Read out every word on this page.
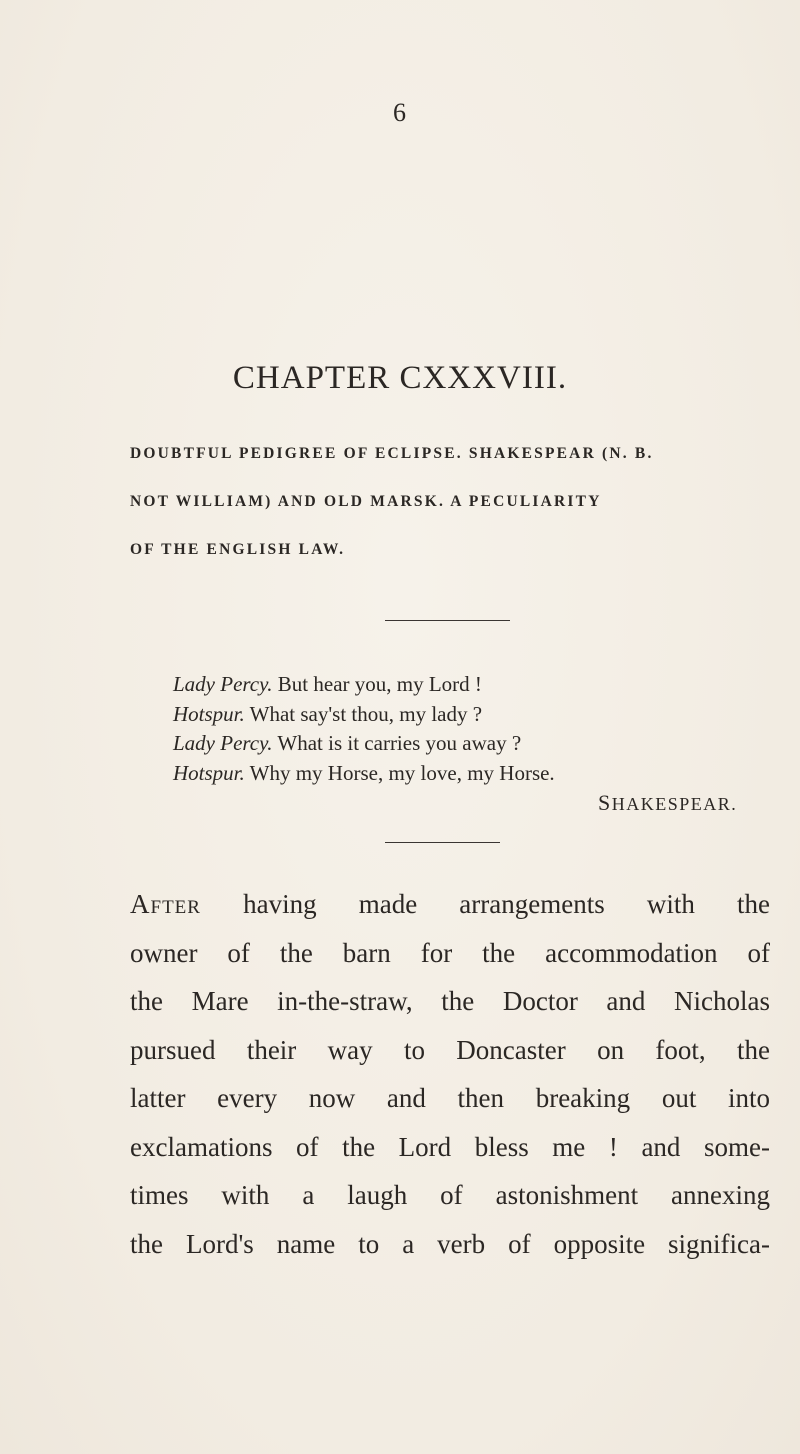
6
CHAPTER CXXXVIII.
DOUBTFUL PEDIGREE OF ECLIPSE. SHAKESPEAR (N. B.
NOT WILLIAM) AND OLD MARSK. A PECULIARITY
OF THE ENGLISH LAW.
Lady Percy. But hear you, my Lord !
Hotspur. What say'st thou, my lady ?
Lady Percy. What is it carries you away ?
Hotspur. Why my Horse, my love, my Horse.
SHAKESPEAR.
After having made arrangements with the
owner of the barn for the accommodation of
the Mare in-the-straw, the Doctor and Nicholas
pursued their way to Doncaster on foot, the
latter every now and then breaking out into
exclamations of the Lord bless me ! and some-
times with a laugh of astonishment annexing
the Lord's name to a verb of opposite significa-
